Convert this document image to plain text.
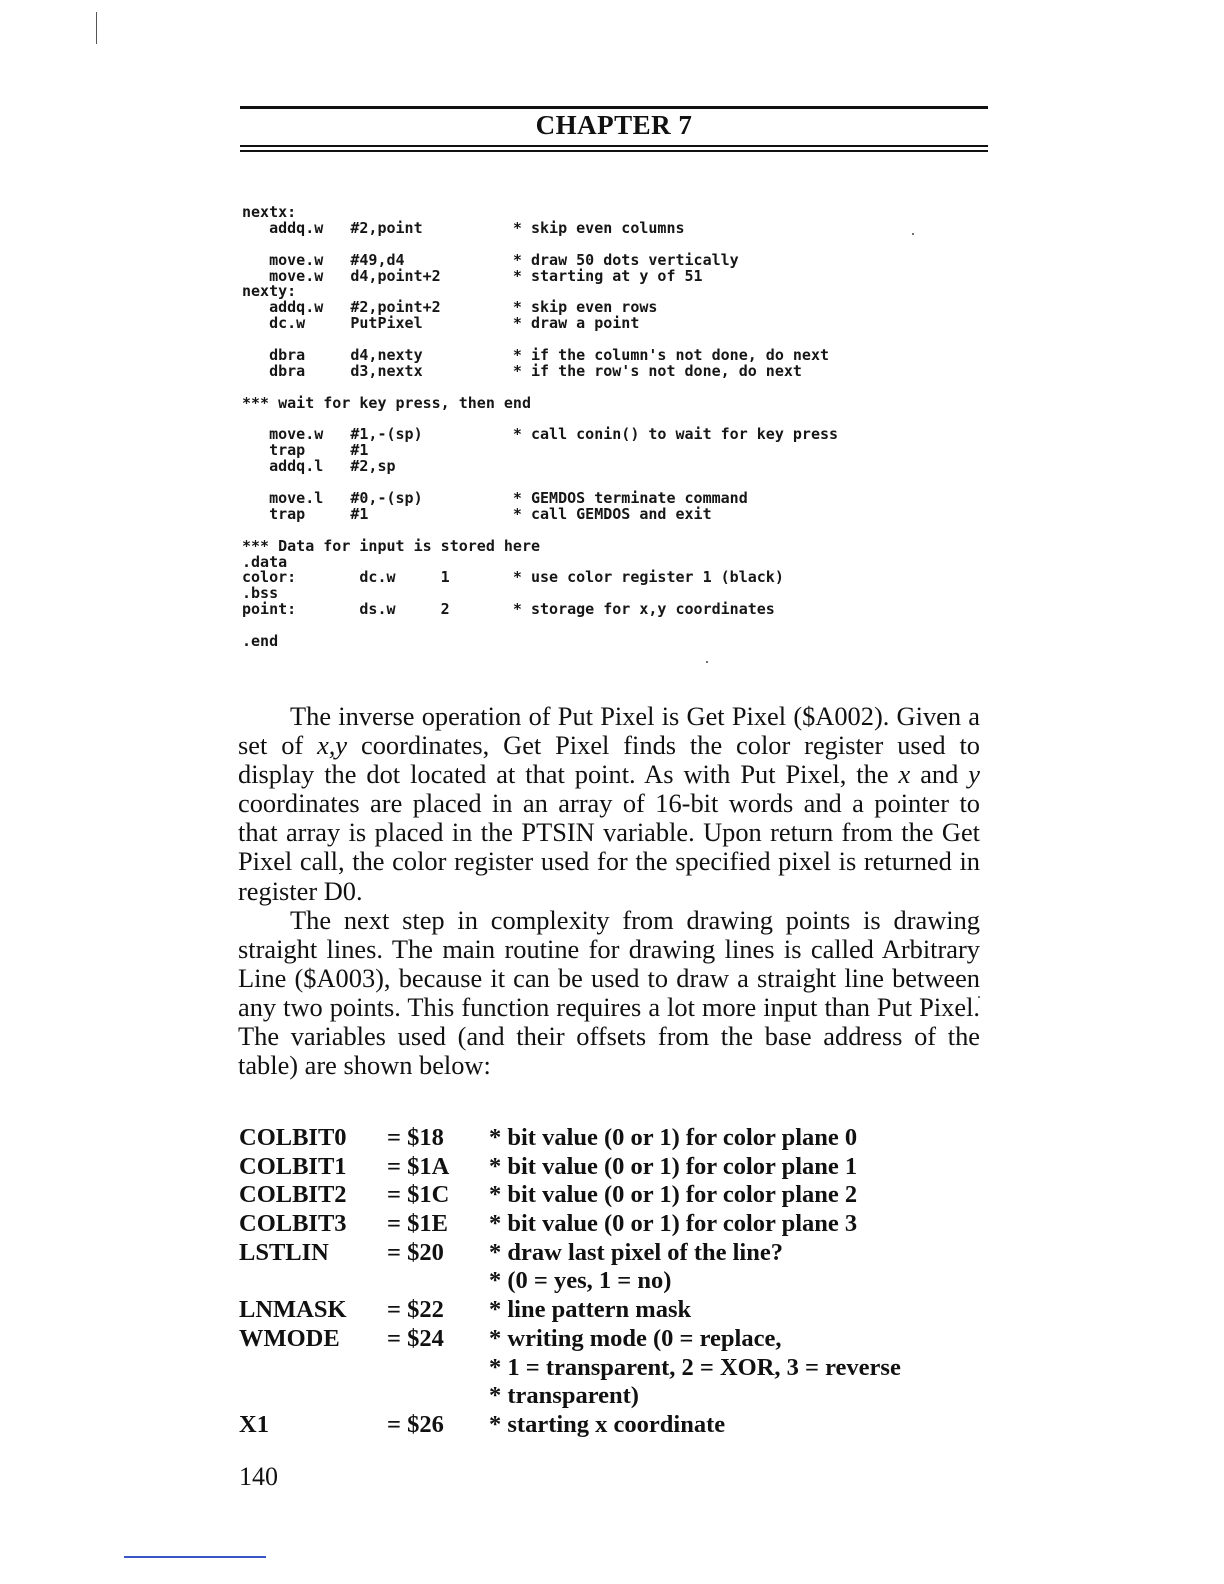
CHAPTER 7
nextx:
addq.w   #2,point          * skip even columns
move.w   #49,d4            * draw 50 dots vertically
move.w   d4,point+2        * starting at y of 51
nexty:
addq.w   #2,point+2        * skip even rows
dc.w     PutPixel          * draw a point
dbra     d4,nexty          * if the column's not done, do next
dbra     d3,nextx          * if the row's not done, do next
*** wait for key press, then end
move.w   #1,-(sp)          * call conin() to wait for key press
trap     #1
addq.l   #2,sp
move.l   #0,-(sp)          * GEMDOS terminate command
trap     #1                * call GEMDOS and exit
*** Data for input is stored here
.data
color:       dc.w     1       * use color register 1 (black)
.bss
point:       ds.w     2       * storage for x,y coordinates
.end

The inverse operation of Put Pixel is Get Pixel ($A002). Given a set of x,y coordinates, Get Pixel finds the color register used to display the dot located at that point. As with Put Pixel, the x and y coordinates are placed in an array of 16-bit words and a pointer to that array is placed in the PTSIN variable. Upon return from the Get Pixel call, the color register used for the specified pixel is returned in register D0.

The next step in complexity from drawing points is drawing straight lines. The main routine for drawing lines is called Arbitrary Line ($A003), because it can be used to draw a straight line between any two points. This function requires a lot more input than Put Pixel. The variables used (and their offsets from the base address of the table) are shown below:

COLBIT0	= $18	* bit value (0 or 1) for color plane 0
COLBIT1	= $1A	* bit value (0 or 1) for color plane 1
COLBIT2	= $1C	* bit value (0 or 1) for color plane 2
COLBIT3	= $1E	* bit value (0 or 1) for color plane 3
LSTLIN	= $20	* draw last pixel of the line?
* (0 = yes, 1 = no)
LNMASK	= $22	* line pattern mask
WMODE	= $24	* writing mode (0 = replace,
* 1 = transparent, 2 = XOR, 3 = reverse
* transparent)
X1	= $26	* starting x coordinate
140
